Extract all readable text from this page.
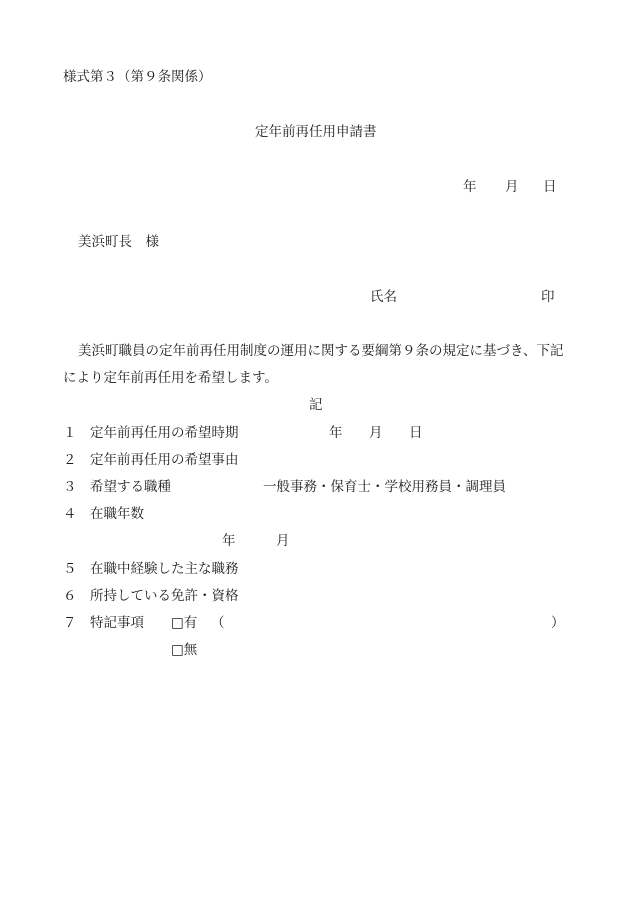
様式第３（第９条関係）
定年前再任用申請書
年 月 日
美浜町長　様
氏名	印
美浜町職員の定年前再任用制度の運用に関する要綱第９条の規定に基づき、下記
により定年前再任用を希望します。
記
１ 定年前再任用の希望時期	年 月 日
２ 定年前再任用の希望事由
３ 希望する職種	一般事務・保育士・学校用務員・調理員
４ 在職年数
年	月
５ 在職中経験した主な職務
６ 所持している免許・資格
７ 特記事項 □有 （	）
□無
